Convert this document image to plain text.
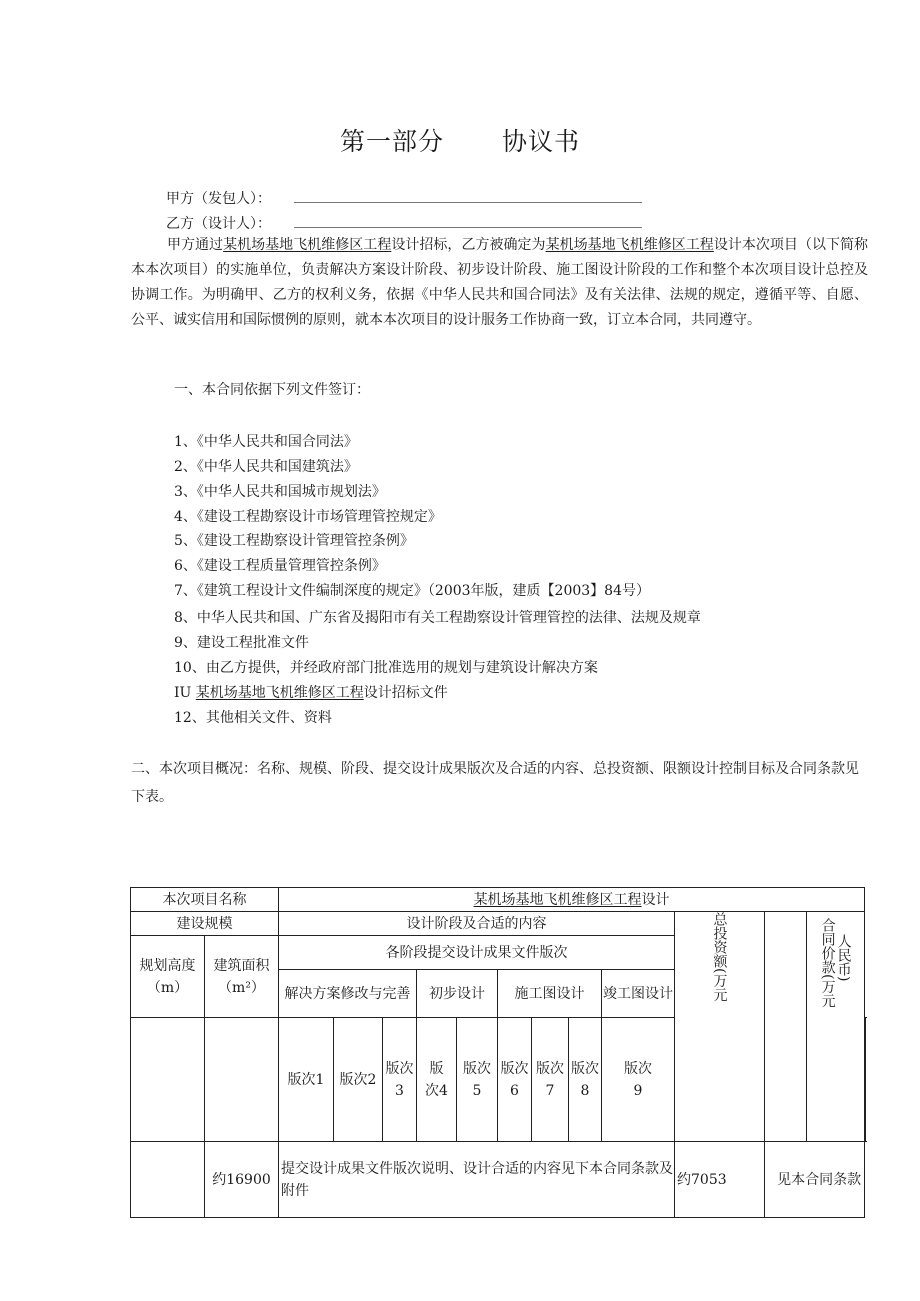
第一部分 协议书
甲方（发包人）：
乙方（设计人）：
甲方通过某机场基地飞机维修区工程设计招标，乙方被确定为某机场基地飞机维修区工程设计本次项目（以下简称本本次项目）的实施单位，负责解决方案设计阶段、初步设计阶段、施工图设计阶段的工作和整个本次项目设计总控及协调工作。为明确甲、乙方的权利义务，依据《中华人民共和国合同法》及有关法律、法规的规定，遵循平等、自愿、公平、诚实信用和国际惯例的原则，就本本次项目的设计服务工作协商一致，订立本合同，共同遵守。
一、本合同依据下列文件签订：
1、《中华人民共和国合同法》
2、《中华人民共和国建筑法》
3、《中华人民共和国城市规划法》
4、《建设工程勘察设计市场管理管控规定》
5、《建设工程勘察设计管理管控条例》
6、《建设工程质量管理管控条例》
7、《建筑工程设计文件编制深度的规定》（2003年版，建质【2003】84号）
8、中华人民共和国、广东省及揭阳市有关工程勘察设计管理管控的法律、法规及规章
9、建设工程批准文件
10、由乙方提供，并经政府部门批准选用的规划与建筑设计解决方案
IU 某机场基地飞机维修区工程设计招标文件
12、其他相关文件、资料
二、本次项目概况：名称、规模、阶段、提交设计成果版次及合适的内容、总投资额、限额设计控制目标及合同条款见下表。
本次项目名称		某机场基地飞机维修区工程设计												
建设规模		设计阶段及合适的内容									总投资额(万元		合同价款(万元人民币)	
规划高度（m）	建筑面积（m²）	各阶段提交设计成果文件版次												
		解决方案修改与完善			初步设计		施工图设计			竣工图设计				
		版次1	版次2	版次3	版次4	版次5	版次6	版次7	版次8	版次9				
	约16900	提交设计成果文件版次说明、设计合适的内容见下本合同条款及附件									约7053	见本合同条款		
